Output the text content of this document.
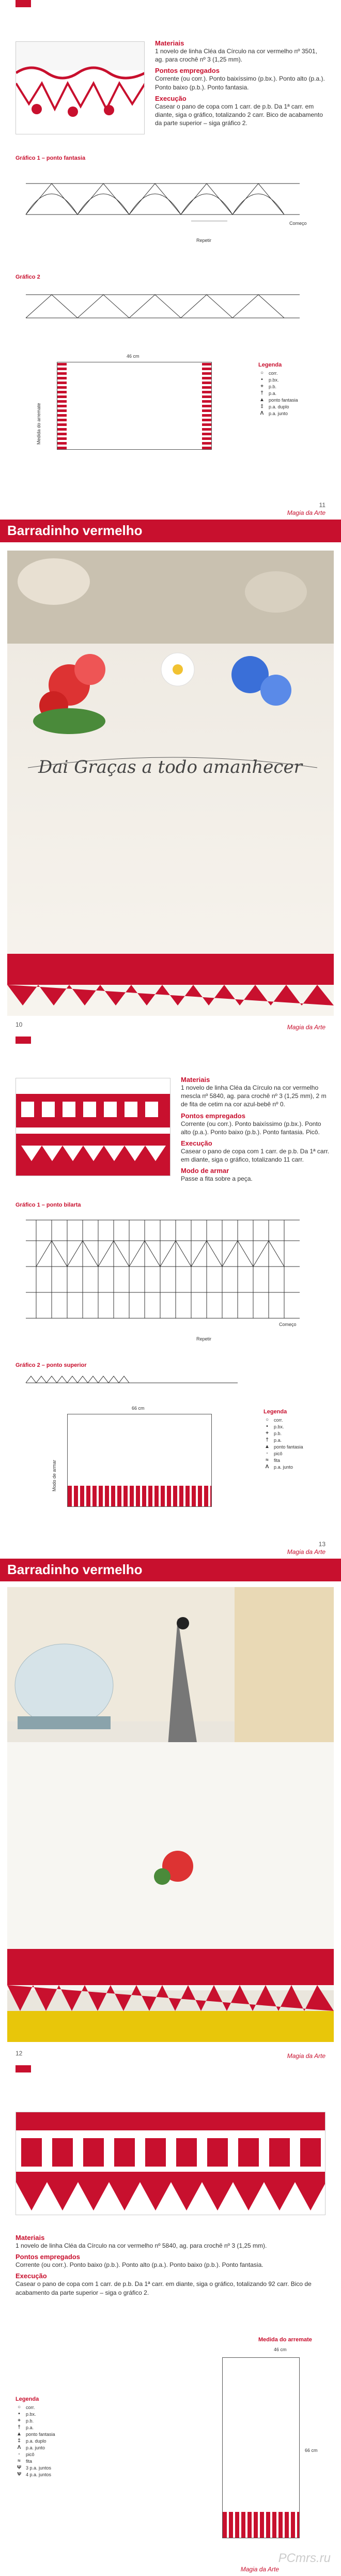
Materiais

1 novelo de linha Cléa da Círculo na cor vermelho nº 3501, ag. para crochê nº 3 (1,25 mm).

Pontos empregados

Corrente (ou corr.). Ponto baixíssimo (p.bx.). Ponto alto (p.a.). Ponto baixo (p.b.). Ponto fantasia.

Execução

Casear o pano de copa com 1 carr. de p.b. Da 1ª carr. em diante, siga o gráfico, totalizando 2 carr. Bico de acabamento da parte superior – siga gráfico 2.

Gráfico 1 – ponto fantasia
Começo
Repetir
Gráfico 2
46 cm
Medida do arremate
Legenda
○	corr.
•	p.bx.
+	p.b.
†	p.a.
▲ ponto fantasia
‡	p.a. duplo
Λ	p.a. junto
11
Magia da Arte
Barradinho vermelho
Dai Graças a todo amanhecer
10	Magia da Arte
Materiais

1 novelo de linha Cléa da Círculo na cor vermelho mescla nº 5840, ag. para crochê nº 3 (1,25 mm), 2 m de fita de cetim na cor azul-bebê nº 0.

Pontos empregados

Corrente (ou corr.). Ponto baixíssimo (p.bx.). Ponto alto (p.a.). Ponto baixo (p.b.). Ponto fantasia. Picô.

Execução

Casear o pano de copa com 1 carr. de p.b. Da 1ª carr. em diante, siga o gráfico, totalizando 11 carr.

Modo de armar

Passe a fita sobre a peça.

Gráfico 1 – ponto bilarta
Começo
Repetir
Gráfico 2 – ponto superior
66 cm
Modo de armar
Legenda
○	corr.
•	p.bx.
+	p.b.
†	p.a.
▲ ponto fantasia
◦	picô
≈	fita
Λ	p.a. junto
13
Magia da Arte
Barradinho vermelho
12	Magia da Arte
Materiais

1 novelo de linha Cléa da Círculo na cor vermelho nº 5840, ag. para crochê nº 3 (1,25 mm).

Pontos empregados

Corrente (ou corr.). Ponto baixo (p.b.). Ponto alto (p.a.). Ponto baixo (p.b.). Ponto fantasia.

Execução

Casear o pano de copa com 1 carr. de p.b. Da 1ª carr. em diante, siga o gráfico, totalizando 92 carr. Bico de acabamento da parte superior – siga o gráfico 2.

Medida do arremate
46 cm
66 cm
Legenda
○	corr.
•	p.bx.
+	p.b.
†	p.a.
▲ ponto fantasia
‡	p.a. duplo
Λ	p.a. junto
◦	picô
≈	fita
Ψ 3 p.a. juntos
Ѱ 4 p.a. juntos
PCmrs.ru
Magia da Arte
